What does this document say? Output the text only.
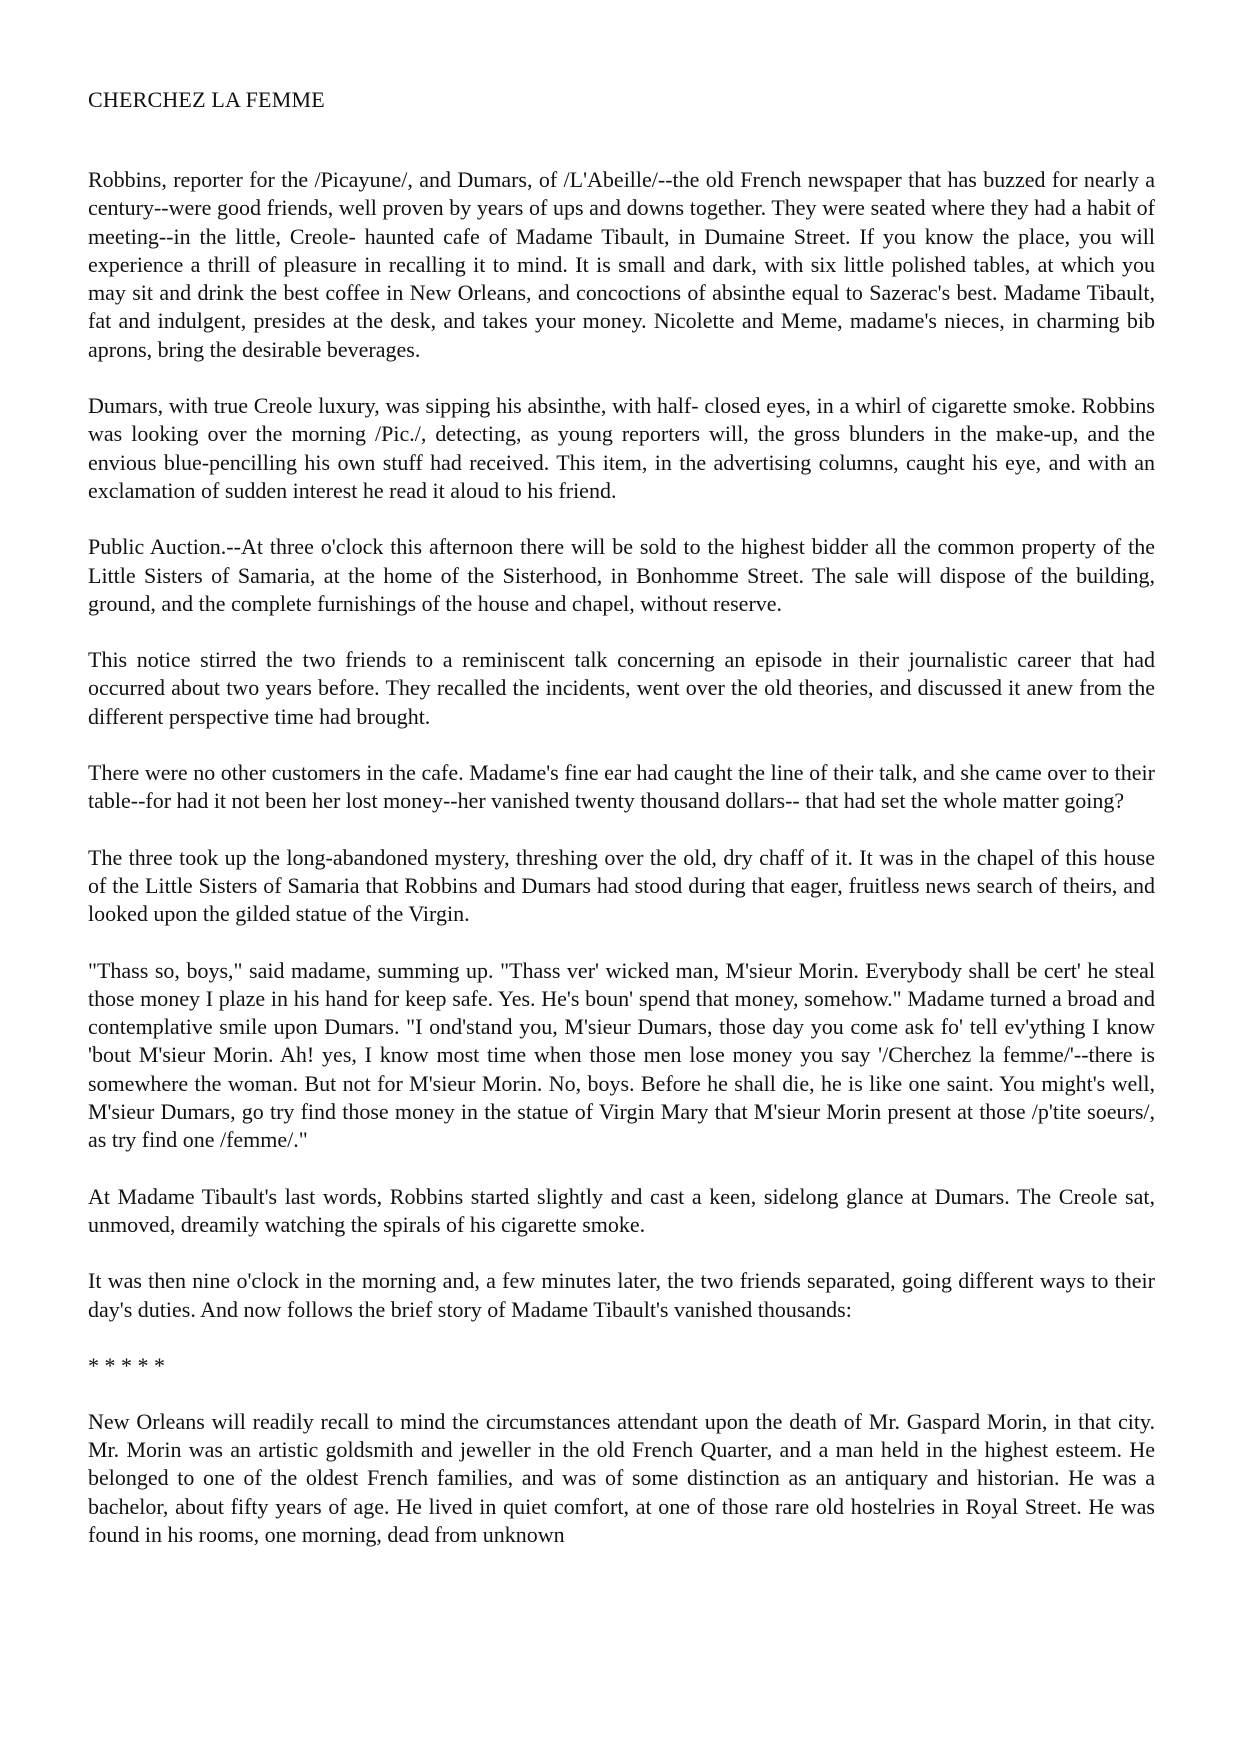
CHERCHEZ LA FEMME

Robbins, reporter for the /Picayune/, and Dumars, of /L'Abeille/--the old French newspaper that has buzzed for nearly a century--were good friends, well proven by years of ups and downs together. They were seated where they had a habit of meeting--in the little, Creole- haunted cafe of Madame Tibault, in Dumaine Street. If you know the place, you will experience a thrill of pleasure in recalling it to mind. It is small and dark, with six little polished tables, at which you may sit and drink the best coffee in New Orleans, and concoctions of absinthe equal to Sazerac's best. Madame Tibault, fat and indulgent, presides at the desk, and takes your money. Nicolette and Meme, madame's nieces, in charming bib aprons, bring the desirable beverages.

Dumars, with true Creole luxury, was sipping his absinthe, with half- closed eyes, in a whirl of cigarette smoke. Robbins was looking over the morning /Pic./, detecting, as young reporters will, the gross blunders in the make-up, and the envious blue-pencilling his own stuff had received. This item, in the advertising columns, caught his eye, and with an exclamation of sudden interest he read it aloud to his friend.

Public Auction.--At three o'clock this afternoon there will be sold to the highest bidder all the common property of the Little Sisters of Samaria, at the home of the Sisterhood, in Bonhomme Street. The sale will dispose of the building, ground, and the complete furnishings of the house and chapel, without reserve.

This notice stirred the two friends to a reminiscent talk concerning an episode in their journalistic career that had occurred about two years before. They recalled the incidents, went over the old theories, and discussed it anew from the different perspective time had brought.

There were no other customers in the cafe. Madame's fine ear had caught the line of their talk, and she came over to their table--for had it not been her lost money--her vanished twenty thousand dollars-- that had set the whole matter going?

The three took up the long-abandoned mystery, threshing over the old, dry chaff of it. It was in the chapel of this house of the Little Sisters of Samaria that Robbins and Dumars had stood during that eager, fruitless news search of theirs, and looked upon the gilded statue of the Virgin.

"Thass so, boys," said madame, summing up. "Thass ver' wicked man, M'sieur Morin. Everybody shall be cert' he steal those money I plaze in his hand for keep safe. Yes. He's boun' spend that money, somehow." Madame turned a broad and contemplative smile upon Dumars. "I ond'stand you, M'sieur Dumars, those day you come ask fo' tell ev'ything I know 'bout M'sieur Morin. Ah! yes, I know most time when those men lose money you say '/Cherchez la femme/'--there is somewhere the woman. But not for M'sieur Morin. No, boys. Before he shall die, he is like one saint. You might's well, M'sieur Dumars, go try find those money in the statue of Virgin Mary that M'sieur Morin present at those /p'tite soeurs/, as try find one /femme/."

At Madame Tibault's last words, Robbins started slightly and cast a keen, sidelong glance at Dumars. The Creole sat, unmoved, dreamily watching the spirals of his cigarette smoke.

It was then nine o'clock in the morning and, a few minutes later, the two friends separated, going different ways to their day's duties. And now follows the brief story of Madame Tibault's vanished thousands:

* * * * *

New Orleans will readily recall to mind the circumstances attendant upon the death of Mr. Gaspard Morin, in that city. Mr. Morin was an artistic goldsmith and jeweller in the old French Quarter, and a man held in the highest esteem. He belonged to one of the oldest French families, and was of some distinction as an antiquary and historian. He was a bachelor, about fifty years of age. He lived in quiet comfort, at one of those rare old hostelries in Royal Street. He was found in his rooms, one morning, dead from unknown
